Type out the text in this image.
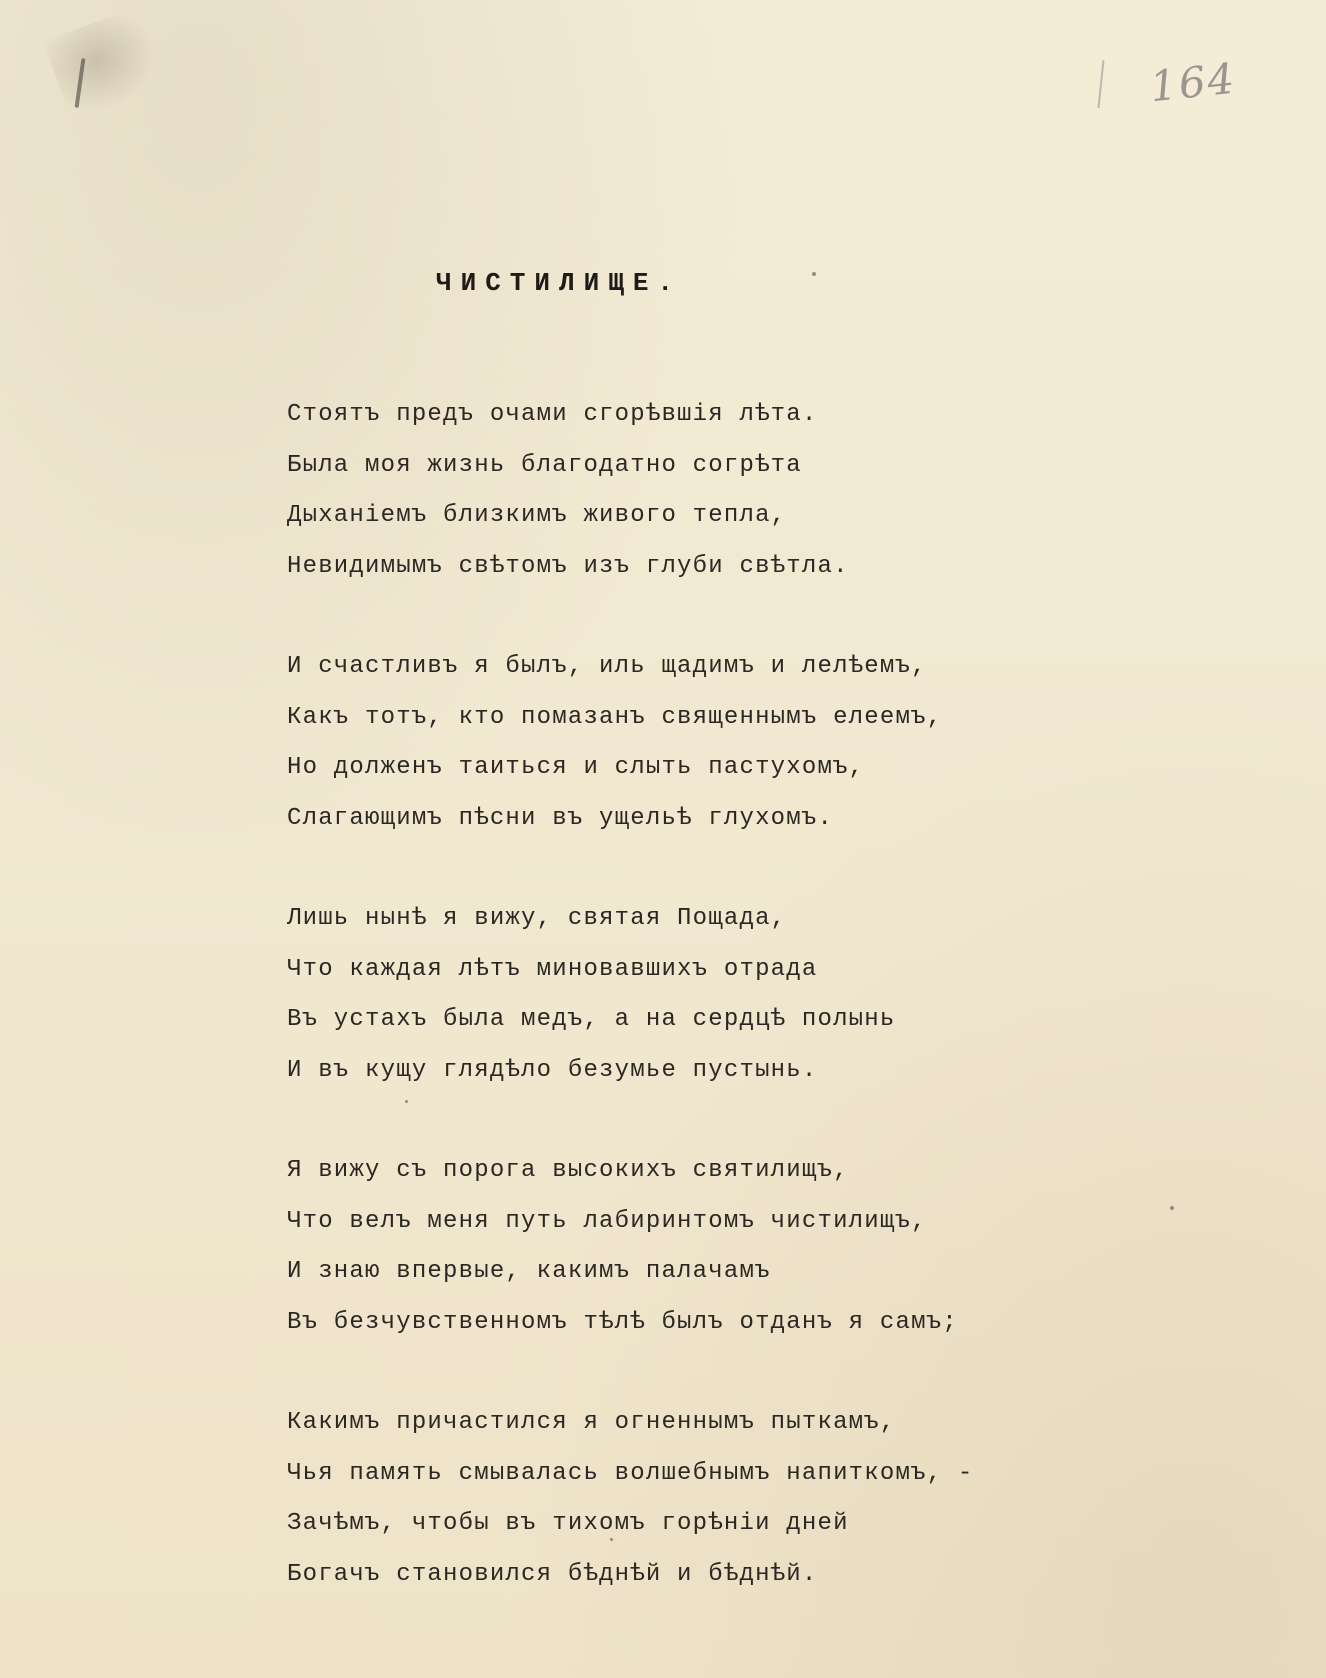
164
ЧИСТИЛИЩЕ.
Стоятъ предъ очами сгорѣвшія лѣта.
Была моя жизнь благодатно согрѣта
Дыханіемъ близкимъ живого тепла,
Невидимымъ свѣтомъ изъ глуби свѣтла.
И счастливъ я былъ, иль щадимъ и лелѣемъ,
Какъ тотъ, кто помазанъ священнымъ елеемъ,
Но долженъ таиться и слыть пастухомъ,
Слагающимъ пѣсни въ ущельѣ глухомъ.
Лишь нынѣ я вижу, святая Пощада,
Что каждая лѣтъ миновавшихъ отрада
Въ устахъ была медъ, а на сердцѣ полынь
И въ кущу глядѣло безумье пустынь.
Я вижу съ порога высокихъ святилищъ,
Что велъ меня путь лабиринтомъ чистилищъ,
И знаю впервые, какимъ палачамъ
Въ безчувственномъ тѣлѣ былъ отданъ я самъ;
Какимъ причастился я огненнымъ пыткамъ,
Чья память смывалась волшебнымъ напиткомъ, -
Зачѣмъ, чтобы въ тихомъ горѣніи дней
Богачъ становился бѣднѣй и бѣднѣй.
